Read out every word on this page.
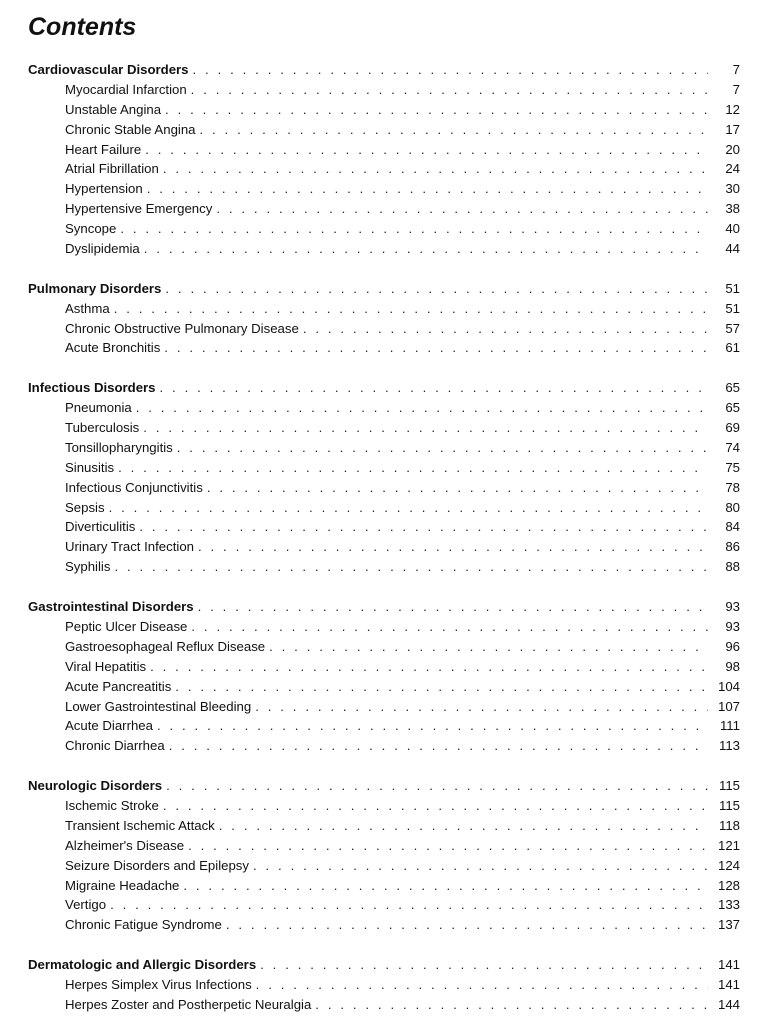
Contents
Cardiovascular Disorders . . .	7
Myocardial Infarction . . .	7
Unstable Angina . . .	12
Chronic Stable Angina . . .	17
Heart Failure . . .	20
Atrial Fibrillation . . .	24
Hypertension . . .	30
Hypertensive Emergency . . .	38
Syncope . . .	40
Dyslipidemia . . .	44
Pulmonary Disorders . . .	51
Asthma . . .	51
Chronic Obstructive Pulmonary Disease . . .	57
Acute Bronchitis . . .	61
Infectious Disorders . . .	65
Pneumonia . . .	65
Tuberculosis . . .	69
Tonsillopharyngitis . . .	74
Sinusitis . . .	75
Infectious Conjunctivitis . . .	78
Sepsis . . .	80
Diverticulitis . . .	84
Urinary Tract Infection . . .	86
Syphilis . . .	88
Gastrointestinal Disorders . . .	93
Peptic Ulcer Disease . . .	93
Gastroesophageal Reflux Disease . . .	96
Viral Hepatitis . . .	98
Acute Pancreatitis . . .	104
Lower Gastrointestinal Bleeding . . .	107
Acute Diarrhea . . .	111
Chronic Diarrhea . . .	113
Neurologic Disorders . . .	115
Ischemic Stroke . . .	115
Transient Ischemic Attack . . .	118
Alzheimer's Disease . . .	121
Seizure Disorders and Epilepsy . . .	124
Migraine Headache . . .	128
Vertigo . . .	133
Chronic Fatigue Syndrome . . .	137
Dermatologic and Allergic Disorders . . .	141
Herpes Simplex Virus Infections . . .	141
Herpes Zoster and Postherpetic Neuralgia . . .	144
